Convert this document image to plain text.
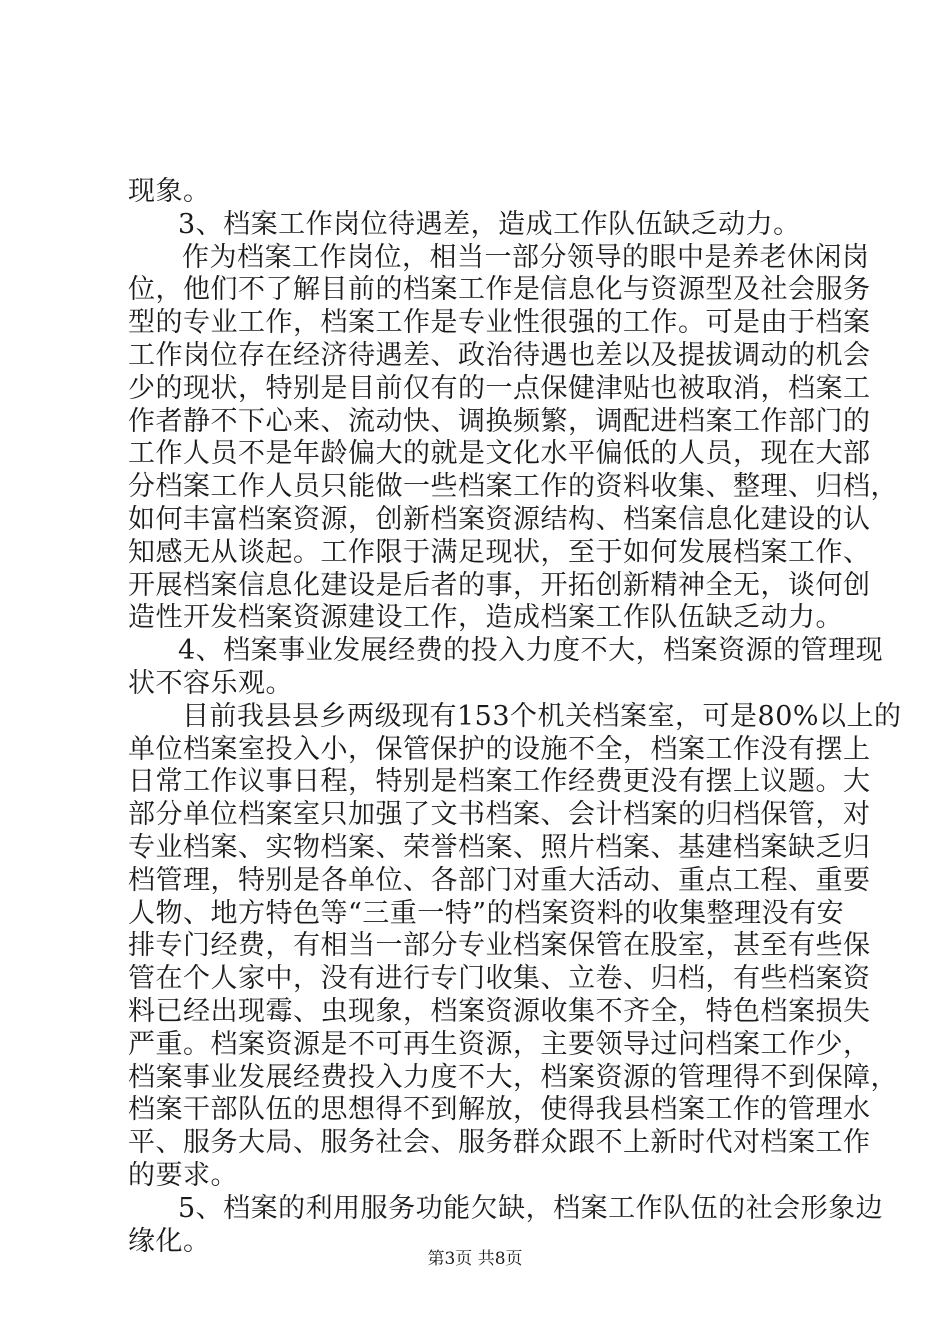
现象。
3、档案工作岗位待遇差，造成工作队伍缺乏动力。
作为档案工作岗位，相当一部分领导的眼中是养老休闲岗
位，他们不了解目前的档案工作是信息化与资源型及社会服务
型的专业工作，档案工作是专业性很强的工作。可是由于档案
工作岗位存在经济待遇差、政治待遇也差以及提拔调动的机会
少的现状，特别是目前仅有的一点保健津贴也被取消，档案工
作者静不下心来、流动快、调换频繁，调配进档案工作部门的
工作人员不是年龄偏大的就是文化水平偏低的人员，现在大部
分档案工作人员只能做一些档案工作的资料收集、整理、归档，
如何丰富档案资源，创新档案资源结构、档案信息化建设的认
知感无从谈起。工作限于满足现状，至于如何发展档案工作、
开展档案信息化建设是后者的事，开拓创新精神全无，谈何创
造性开发档案资源建设工作，造成档案工作队伍缺乏动力。
4、档案事业发展经费的投入力度不大，档案资源的管理现
状不容乐观。
目前我县县乡两级现有153个机关档案室，可是80%以上的
单位档案室投入小，保管保护的设施不全，档案工作没有摆上
日常工作议事日程，特别是档案工作经费更没有摆上议题。大
部分单位档案室只加强了文书档案、会计档案的归档保管，对
专业档案、实物档案、荣誉档案、照片档案、基建档案缺乏归
档管理，特别是各单位、各部门对重大活动、重点工程、重要
人物、地方特色等“三重一特”的档案资料的收集整理没有安
排专门经费，有相当一部分专业档案保管在股室，甚至有些保
管在个人家中，没有进行专门收集、立卷、归档，有些档案资
料已经出现霉、虫现象，档案资源收集不齐全，特色档案损失
严重。档案资源是不可再生资源，主要领导过问档案工作少，
档案事业发展经费投入力度不大，档案资源的管理得不到保障，
档案干部队伍的思想得不到解放，使得我县档案工作的管理水
平、服务大局、服务社会、服务群众跟不上新时代对档案工作
的要求。
5、档案的利用服务功能欠缺，档案工作队伍的社会形象边
缘化。
第3页 共8页
